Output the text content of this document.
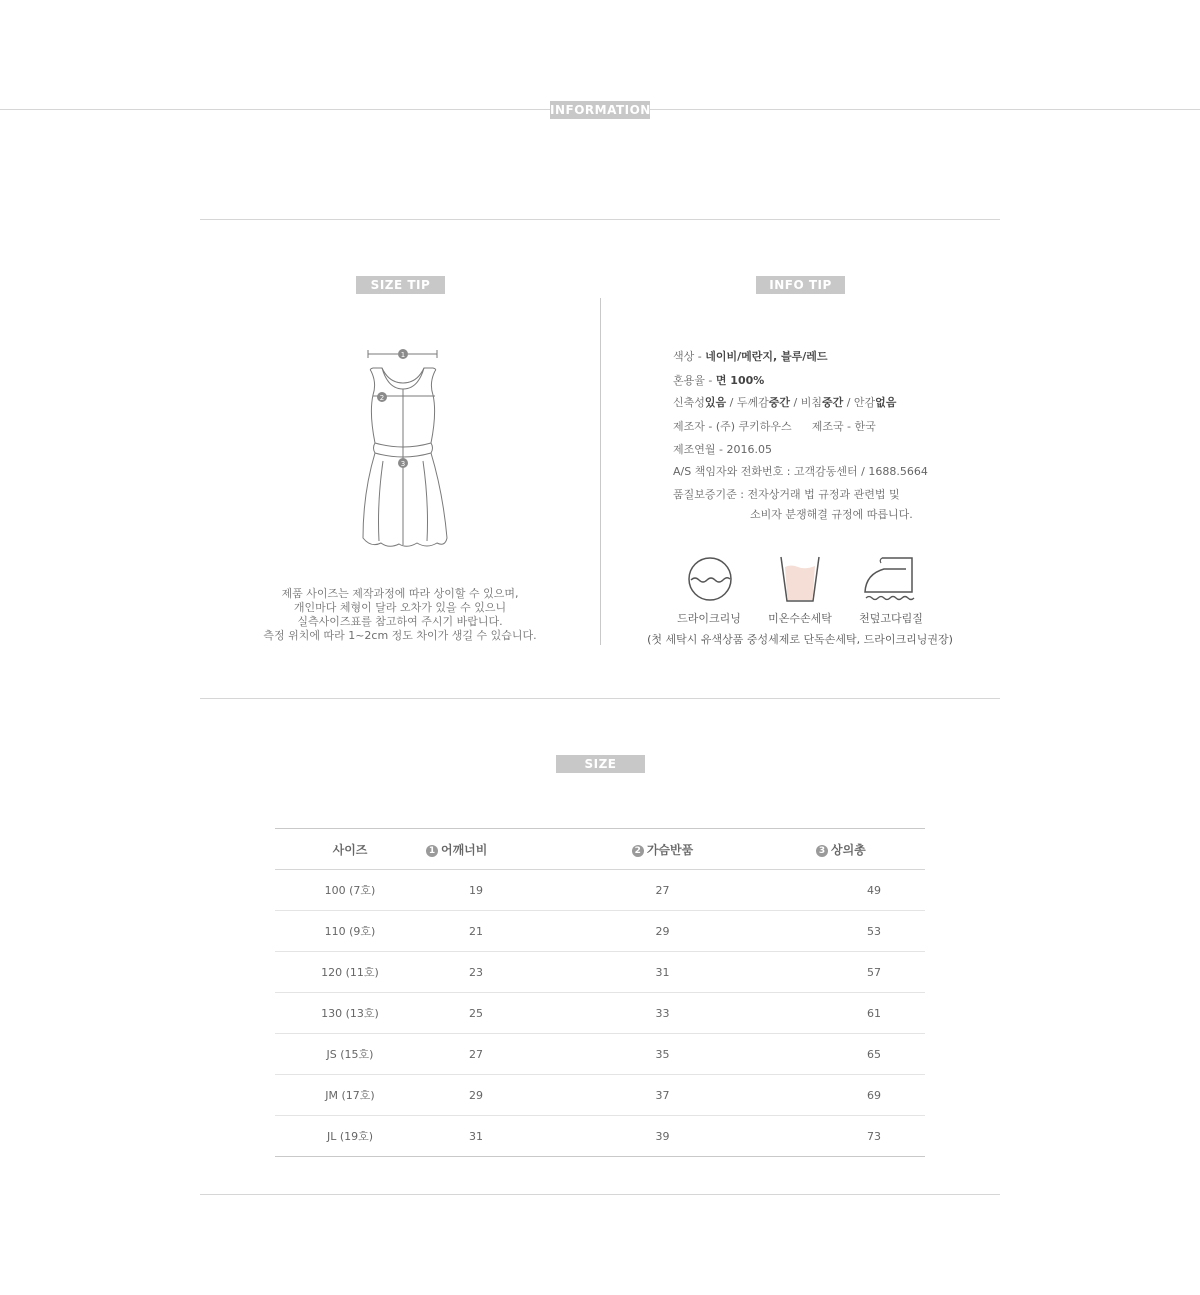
INFORMATION
SIZE TIP
1
2
3
제품 사이즈는 제작과정에 따라 상이할 수 있으며,
개인마다 체형이 달라 오차가 있을 수 있으니
실측사이즈표를 참고하여 주시기 바랍니다.
측정 위치에 따라 1~2cm 정도 차이가 생길 수 있습니다.
INFO TIP
색상 - 네이비/메란지, 블루/레드
혼용율 - 면 100%
신축성있음 / 두께감중간 / 비침중간 / 안감없음
제조자 - (주) 쿠키하우스 제조국 - 한국
제조연월 - 2016.05
A/S 책임자와 전화번호 : 고객감동센터 / 1688.5664
품질보증기준 : 전자상거래 법 규정과 관련법 및
소비자 분쟁해결 규정에 따릅니다.
드라이크리닝	미온수손세탁	천덮고다림질
(첫 세탁시 유색상품 중성세제로 단독손세탁, 드라이크리닝권장)
SIZE
사이즈	1 어깨너비	2 가슴반품	3 상의총
100 (7호)	19	27	49
110 (9호)	21	29	53
120 (11호)	23	31	57
130 (13호)	25	33	61
JS (15호)	27	35	65
JM (17호)	29	37	69
JL (19호)	31	39	73
